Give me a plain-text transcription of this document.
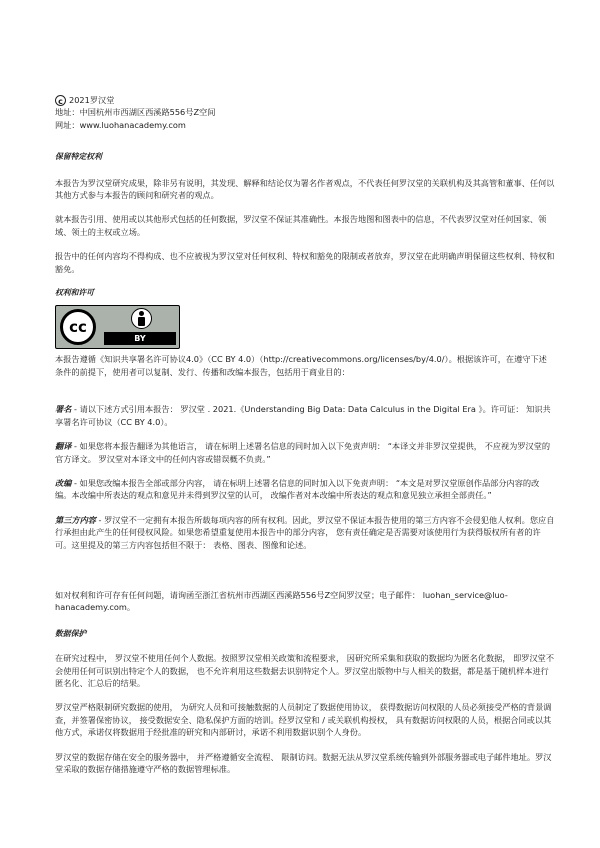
c 2021罗汉堂
地址：中国杭州市西湖区西溪路556号Z空间
网址：www.luohanacademy.com
保留特定权利

本报告为罗汉堂研究成果，除非另有说明，其发现、解释和结论仅为署名作者观点，不代表任何罗汉堂的关联机构及其高管和董事、任何以其他方式参与本报告的顾问和研究者的观点。

就本报告引用、使用或以其他形式包括的任何数据，罗汉堂不保证其准确性。本报告地图和图表中的信息，不代表罗汉堂对任何国家、领域、领土的主权或立场。

报告中的任何内容均不得构成、也不应被视为罗汉堂对任何权利、特权和豁免的限制或者放弃，罗汉堂在此明确声明保留这些权利、特权和豁免。

权利和许可
cc
BY

本报告遵循《知识共享署名许可协议4.0》（CC BY 4.0）（http://creativecommons.org/licenses/by/4.0/）。根据该许可，在遵守下述条件的前提下，使用者可以复制、发行、传播和改编本报告，包括用于商业目的：

署名 - 请以下述方式引用本报告： 罗汉堂 . 2021.《Understanding Big Data: Data Calculus in the Digital Era 》。许可证： 知识共享署名许可协议（CC BY 4.0）。

翻译 - 如果您将本报告翻译为其他语言， 请在标明上述署名信息的同时加入以下免责声明： “本译文并非罗汉堂提供， 不应视为罗汉堂的官方译文。 罗汉堂对本译文中的任何内容或错误概不负责。”

改编 - 如果您改编本报告全部或部分内容， 请在标明上述署名信息的同时加入以下免责声明： “本文是对罗汉堂原创作品部分内容的改编。本改编中所表达的观点和意见并未得到罗汉堂的认可， 改编作者对本改编中所表达的观点和意见独立承担全部责任。”

第三方内容 - 罗汉堂不一定拥有本报告所载每项内容的所有权利。因此，罗汉堂不保证本报告使用的第三方内容不会侵犯他人权利。您应自行承担由此产生的任何侵权风险。如果您希望重复使用本报告中的部分内容， 您有责任确定是否需要对该使用行为获得版权所有者的许可。这里提及的第三方内容包括但不限于： 表格、图表、图像和论述。

如对权利和许可存有任何问题，请询函至浙江省杭州市西湖区西溪路556号Z空间罗汉堂；电子邮件： luohan_service@luo-hanacademy.com。

数据保护

在研究过程中， 罗汉堂不使用任何个人数据。按照罗汉堂相关政策和流程要求， 因研究所采集和获取的数据均为匿名化数据， 即罗汉堂不会使用任何可识别出特定个人的数据， 也不允许利用这些数据去识别特定个人。罗汉堂出版物中与人相关的数据，都是基于随机样本进行匿名化、汇总后的结果。

罗汉堂严格限制研究数据的使用， 为研究人员和可接触数据的人员制定了数据使用协议， 获得数据访问权限的人员必须接受严格的背景调查，并签署保密协议， 接受数据安全、隐私保护方面的培训。经罗汉堂和 / 或关联机构授权， 具有数据访问权限的人员，根据合同或以其他方式，承诺仅将数据用于经批准的研究和内部研讨，承诺不利用数据识别个人身份。

罗汉堂的数据存储在安全的服务器中， 并严格遵循安全流程、 限制访问。数据无法从罗汉堂系统传输到外部服务器或电子邮件地址。罗汉堂采取的数据存储措施遵守严格的数据管理标准。
